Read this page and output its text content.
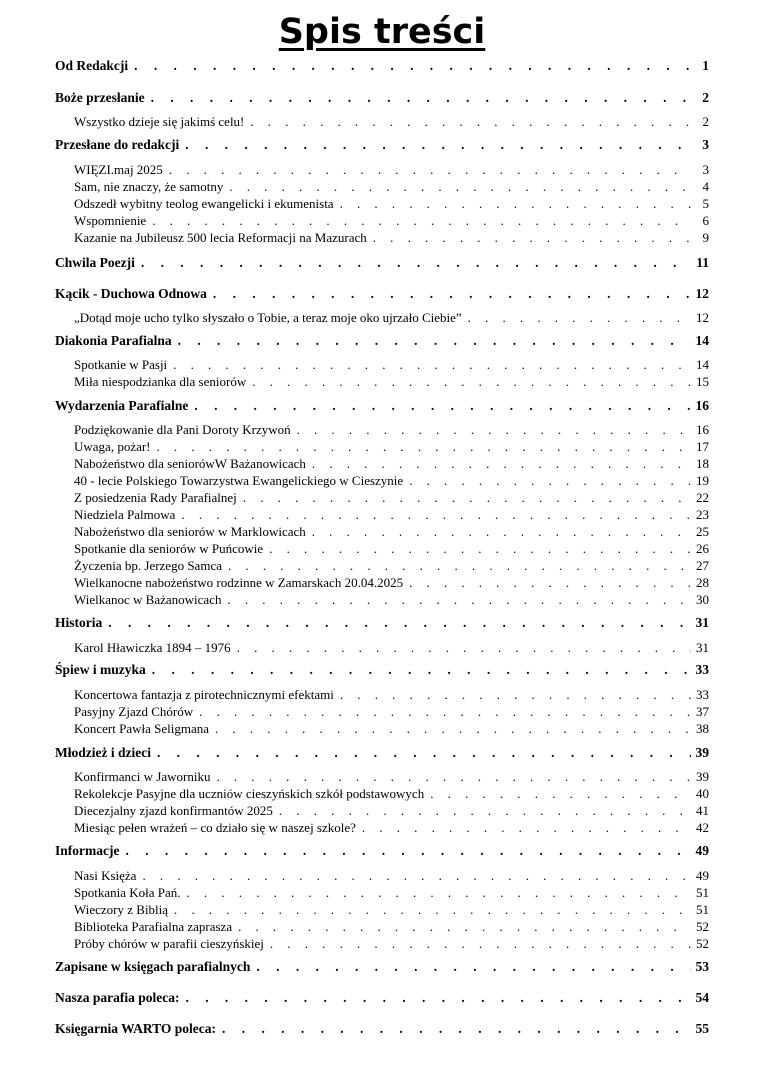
Spis treści
Od Redakcji . . .	1
Boże przesłanie . . .	2
Wszystko dzieje się jakimś celu! . . .	2
Przesłane do redakcji . . .	3
WIĘZI.maj 2025 . . .	3
Sam, nie znaczy, że samotny . . .	4
Odszedł wybitny teolog ewangelicki i ekumenista . . .	5
Wspomnienie . . .	6
Kazanie na Jubileusz 500 lecia Reformacji na Mazurach . . .	9
Chwila Poezji . . .	11
Kącik - Duchowa Odnowa . . .	12
„Dotąd moje ucho tylko słyszało o Tobie, a teraz moje oko ujrzało Ciebie” . . .	12
Diakonia Parafialna . . .	14
Spotkanie w Pasji . . .	14
Miła niespodzianka dla seniorów . . .	15
Wydarzenia Parafialne . . .	16
Podziękowanie dla Pani Doroty Krzywoń . . .	16
Uwaga, pożar! . . .	17
Nabożeństwo dla seniorówW Bażanowicach . . .	18
40 - lecie Polskiego Towarzystwa Ewangelickiego w Cieszynie . . .	19
Z posiedzenia Rady Parafialnej . . .	22
Niedziela Palmowa . . .	23
Nabożeństwo dla seniorów w Marklowicach . . .	25
Spotkanie dla seniorów w Puńcowie . . .	26
Życzenia bp. Jerzego Samca . . .	27
Wielkanocne nabożeństwo rodzinne w Zamarskach 20.04.2025 . . .	28
Wielkanoc w Bażanowicach . . .	30
Historia . . .	31
Karol Hławiczka 1894 – 1976 . . .	31
Śpiew i muzyka . . .	33
Koncertowa fantazja z pirotechnicznymi efektami . . .	33
Pasyjny Zjazd Chórów . . .	37
Koncert Pawła Seligmana . . .	38
Młodzież i dzieci . . .	39
Konfirmanci w Jaworniku . . .	39
Rekolekcje Pasyjne dla uczniów cieszyńskich szkół podstawowych . . .	40
Diecezjalny zjazd konfirmantów 2025 . . .	41
Miesiąc pełen wrażeń – co działo się w naszej szkole? . . .	42
Informacje . . .	49
Nasi Księża . . .	49
Spotkania Koła Pań. . . .	51
Wieczory z Biblią . . .	51
Biblioteka Parafialna zaprasza . . .	52
Próby chórów w parafii cieszyńskiej . . .	52
Zapisane w księgach parafialnych . . .	53
Nasza parafia poleca: . . .	54
Księgarnia WARTO poleca: . . .	55
